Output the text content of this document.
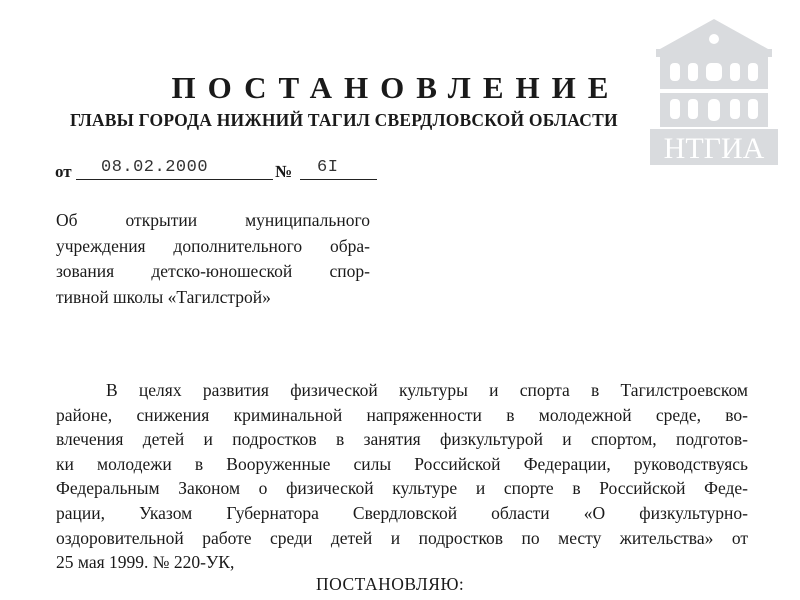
НТГИА
ПОСТАНОВЛЕНИЕ
ГЛАВЫ ГОРОДА НИЖНИЙ ТАГИЛ СВЕРДЛОВСКОЙ ОБЛАСТИ
от 08.02.2000	№ 6I
Об открытии муниципального
учреждения дополнительного обра-
зования детско-юношеской спор-
тивной школы «Тагилстрой»
В целях развития физической культуры и спорта в Тагилстроевском
районе, снижения криминальной напряженности в молодежной среде, во-
влечения детей и подростков в занятия физкультурой и спортом, подготов-
ки молодежи в Вооруженные силы Российской Федерации, руководствуясь
Федеральным Законом о физической культуре и спорте в Российской Феде-
рации, Указом Губернатора Свердловской области «О физкультурно-
оздоровительной работе среди детей и подростков по месту жительства» от
25 мая 1999. № 220-УК,
ПОСТАНОВЛЯЮ:
